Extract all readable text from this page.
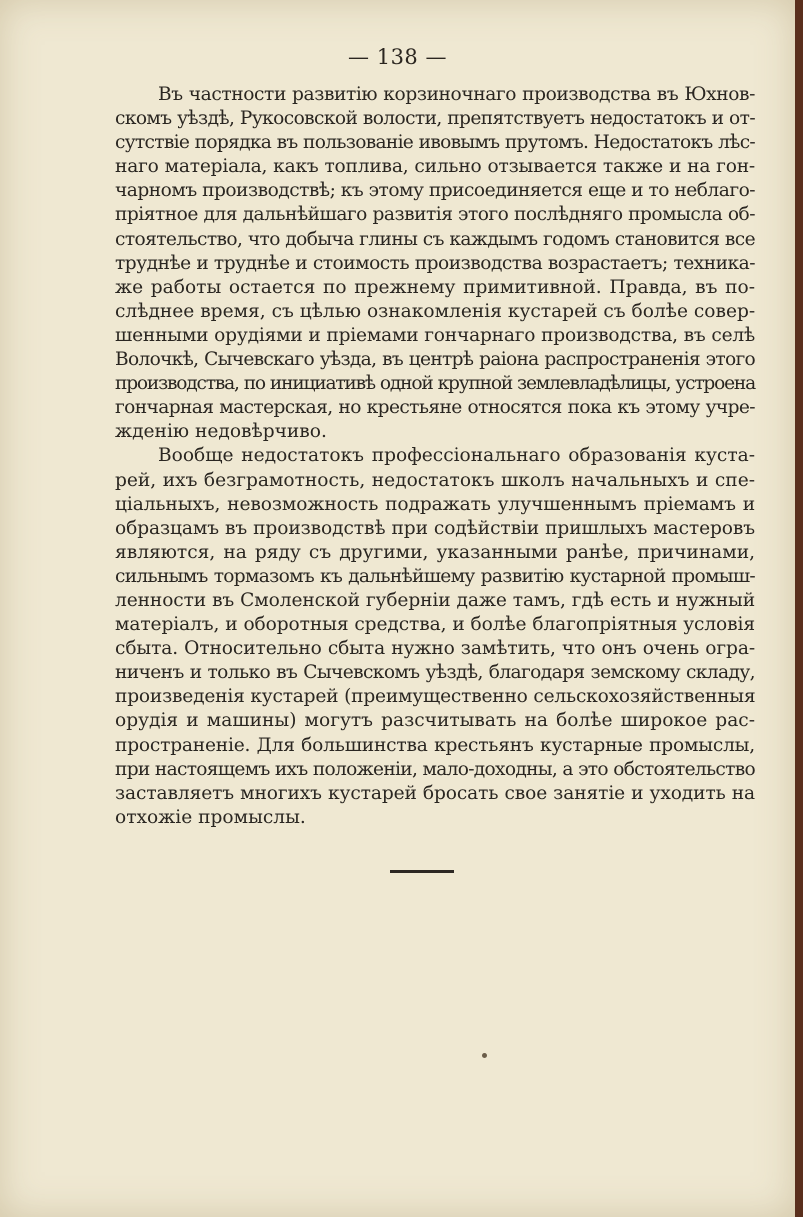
— 138 —
Въ частности развитію корзиночнаго производства въ Юхнов-
скомъ уѣздѣ, Рукосовской волости, препятствуетъ недостатокъ и от-
сутствіе порядка въ пользованіе ивовымъ прутомъ. Недостатокъ лѣс-
наго матеріала, какъ топлива, сильно отзывается также и на гон-
чарномъ производствѣ; къ этому присоединяется еще и то неблаго-
пріятное для дальнѣйшаго развитія этого послѣдняго промысла об-
стоятельство, что добыча глины съ каждымъ годомъ становится все
труднѣе и труднѣе и стоимость производства возрастаетъ; техника-
же работы остается по прежнему примитивной. Правда, въ по-
слѣднее время, съ цѣлью ознакомленія кустарей съ болѣе совер-
шенными орудіями и пріемами гончарнаго производства, въ селѣ
Волочкѣ, Сычевскаго уѣзда, въ центрѣ раіона распространенія этого
производства, по инициативѣ одной крупной землевладѣлицы, устроена
гончарная мастерская, но крестьяне относятся пока къ этому учре-
жденію недовѣрчиво.
Вообще недостатокъ профессіональнаго образованія куста-
рей, ихъ безграмотность, недостатокъ школъ начальныхъ и спе-
ціальныхъ, невозможность подражать улучшеннымъ пріемамъ и
образцамъ въ производствѣ при содѣйствіи пришлыхъ мастеровъ
являются, на ряду съ другими, указанными ранѣе, причинами,
сильнымъ тормазомъ къ дальнѣйшему развитію кустарной промыш-
ленности въ Смоленской губерніи даже тамъ, гдѣ есть и нужный
матеріалъ, и оборотныя средства, и болѣе благопріятныя условія
сбыта. Относительно сбыта нужно замѣтить, что онъ очень огра-
ниченъ и только въ Сычевскомъ уѣздѣ, благодаря земскому складу,
произведенія кустарей (преимущественно сельскохозяйственныя
орудія и машины) могутъ разсчитывать на болѣе широкое рас-
пространеніе. Для большинства крестьянъ кустарные промыслы,
при настоящемъ ихъ положеніи, мало-доходны, а это обстоятельство
заставляетъ многихъ кустарей бросать свое занятіе и уходить на
отхожіе промыслы.
